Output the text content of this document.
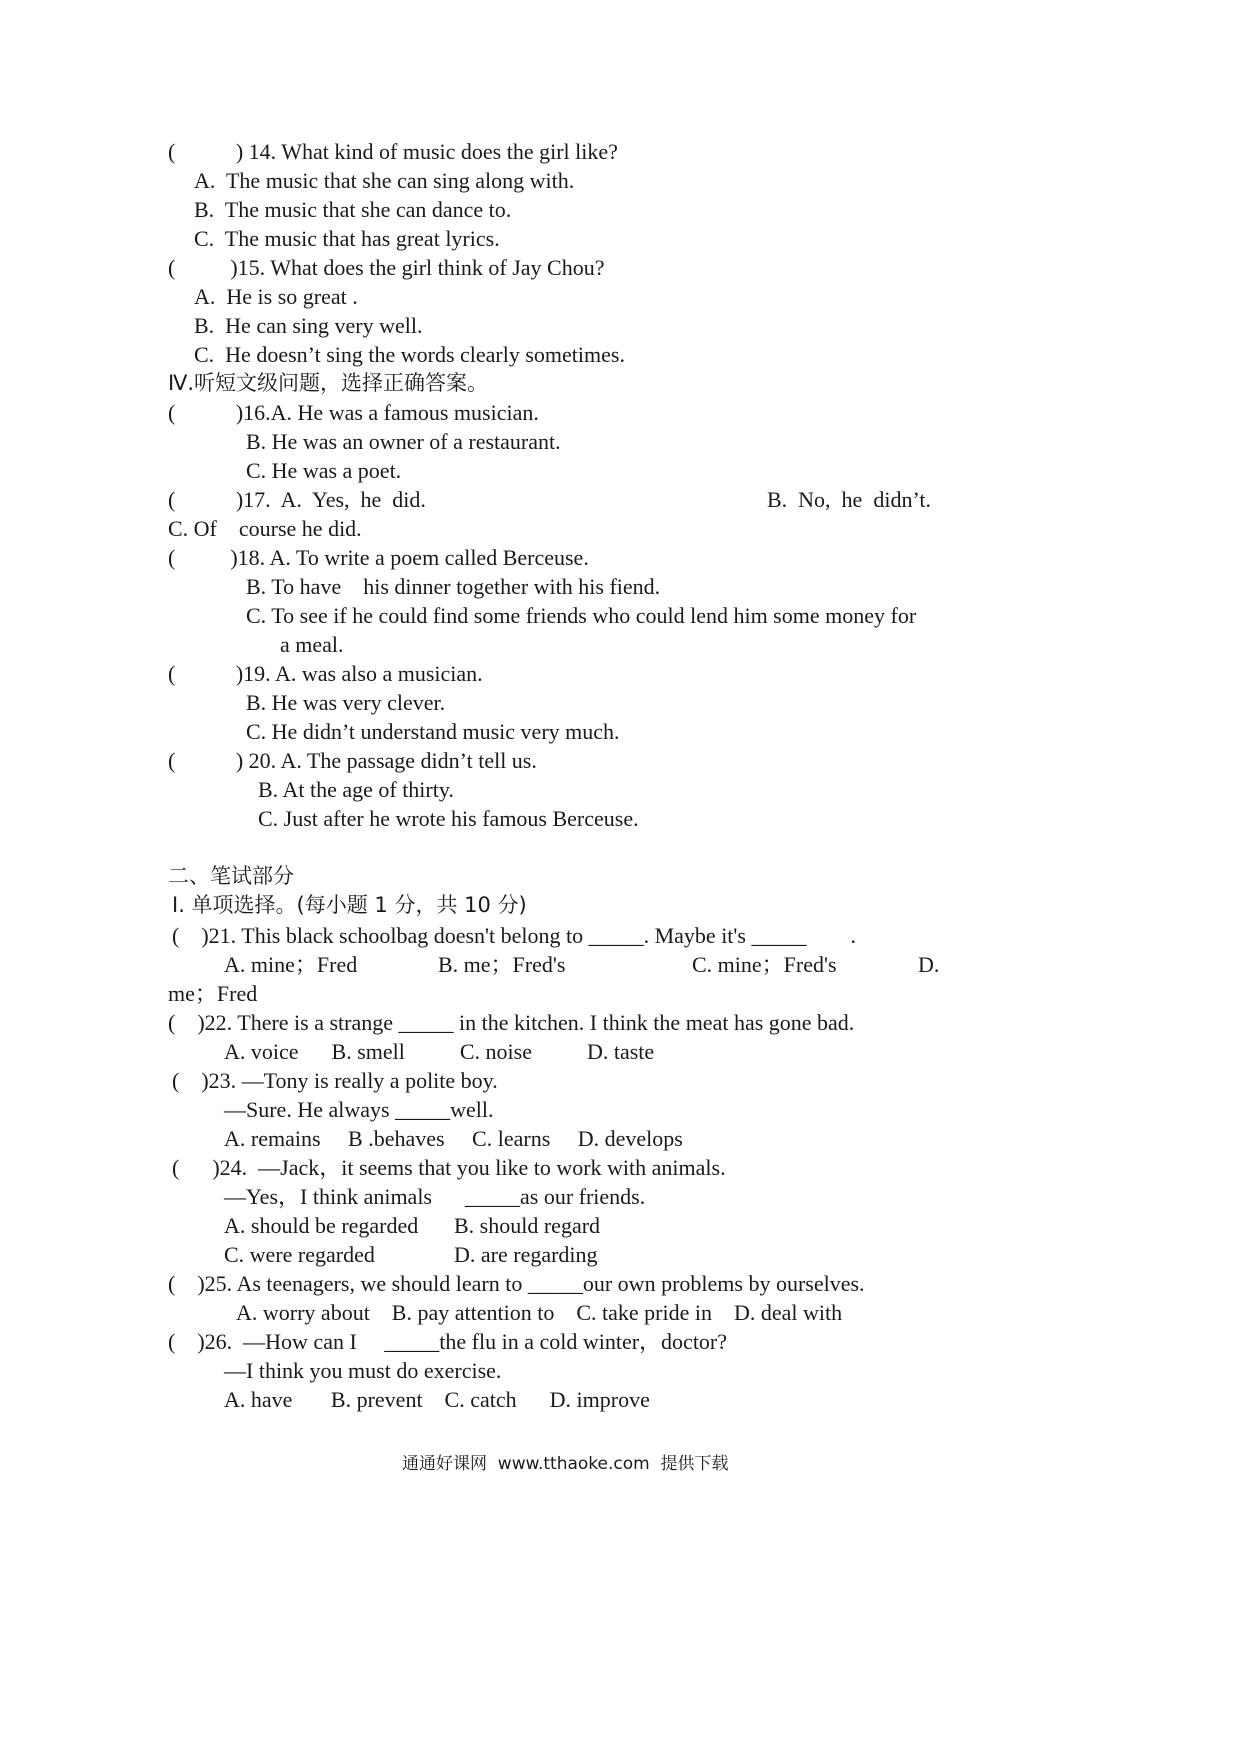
(           ) 14. What kind of music does the girl like?
A.  The music that she can sing along with.
B.  The music that she can dance to.
C.  The music that has great lyrics.
(          )15. What does the girl think of Jay Chou?
A.  He is so great .
B.  He can sing very well.
C.  He doesn’t sing the words clearly sometimes.
Ⅳ.听短文级问题，选择正确答案。
(           )16.A. He was a famous musician.
B. He was an owner of a restaurant.
C. He was a poet.
(           )17.  A.  Yes,  he  did.	B.  No,  he  didn’t.
C. Of    course he did.
(          )18. A. To write a poem called Berceuse.
B. To have    his dinner together with his fiend.
C. To see if he could find some friends who could lend him some money for
a meal.
(           )19. A. was also a musician.
B. He was very clever.
C. He didn’t understand music very much.
(           ) 20. A. The passage didn’t tell us.
B. At the age of thirty.
C. Just after he wrote his famous Berceuse.
二、笔试部分
Ⅰ. 单项选择。(每小题 1 分，共 10 分)
(    )21. This black schoolbag doesn't belong to _____. Maybe it's _____        .
A. mine；Fred	B. me；Fred's	C. mine；Fred's	D.
me；Fred
(    )22. There is a strange _____ in the kitchen. I think the meat has gone bad.
A. voice      B. smell          C. noise          D. taste
(    )23. —Tony is really a polite boy.
—Sure. He always _____well.
A. remains     B .behaves     C. learns     D. develops
(      )24.  —Jack，it seems that you like to work with animals.
—Yes，I think animals      _____as our friends.
A. should be regarded B. should regard
C. were regarded	D. are regarding
(    )25. As teenagers, we should learn to _____our own problems by ourselves.
A. worry about    B. pay attention to    C. take pride in    D. deal with
(    )26.  —How can I     _____the flu in a cold winter，doctor?
—I think you must do exercise.
A. have       B. prevent    C. catch      D. improve
通通好课网  www.tthaoke.com  提供下载
